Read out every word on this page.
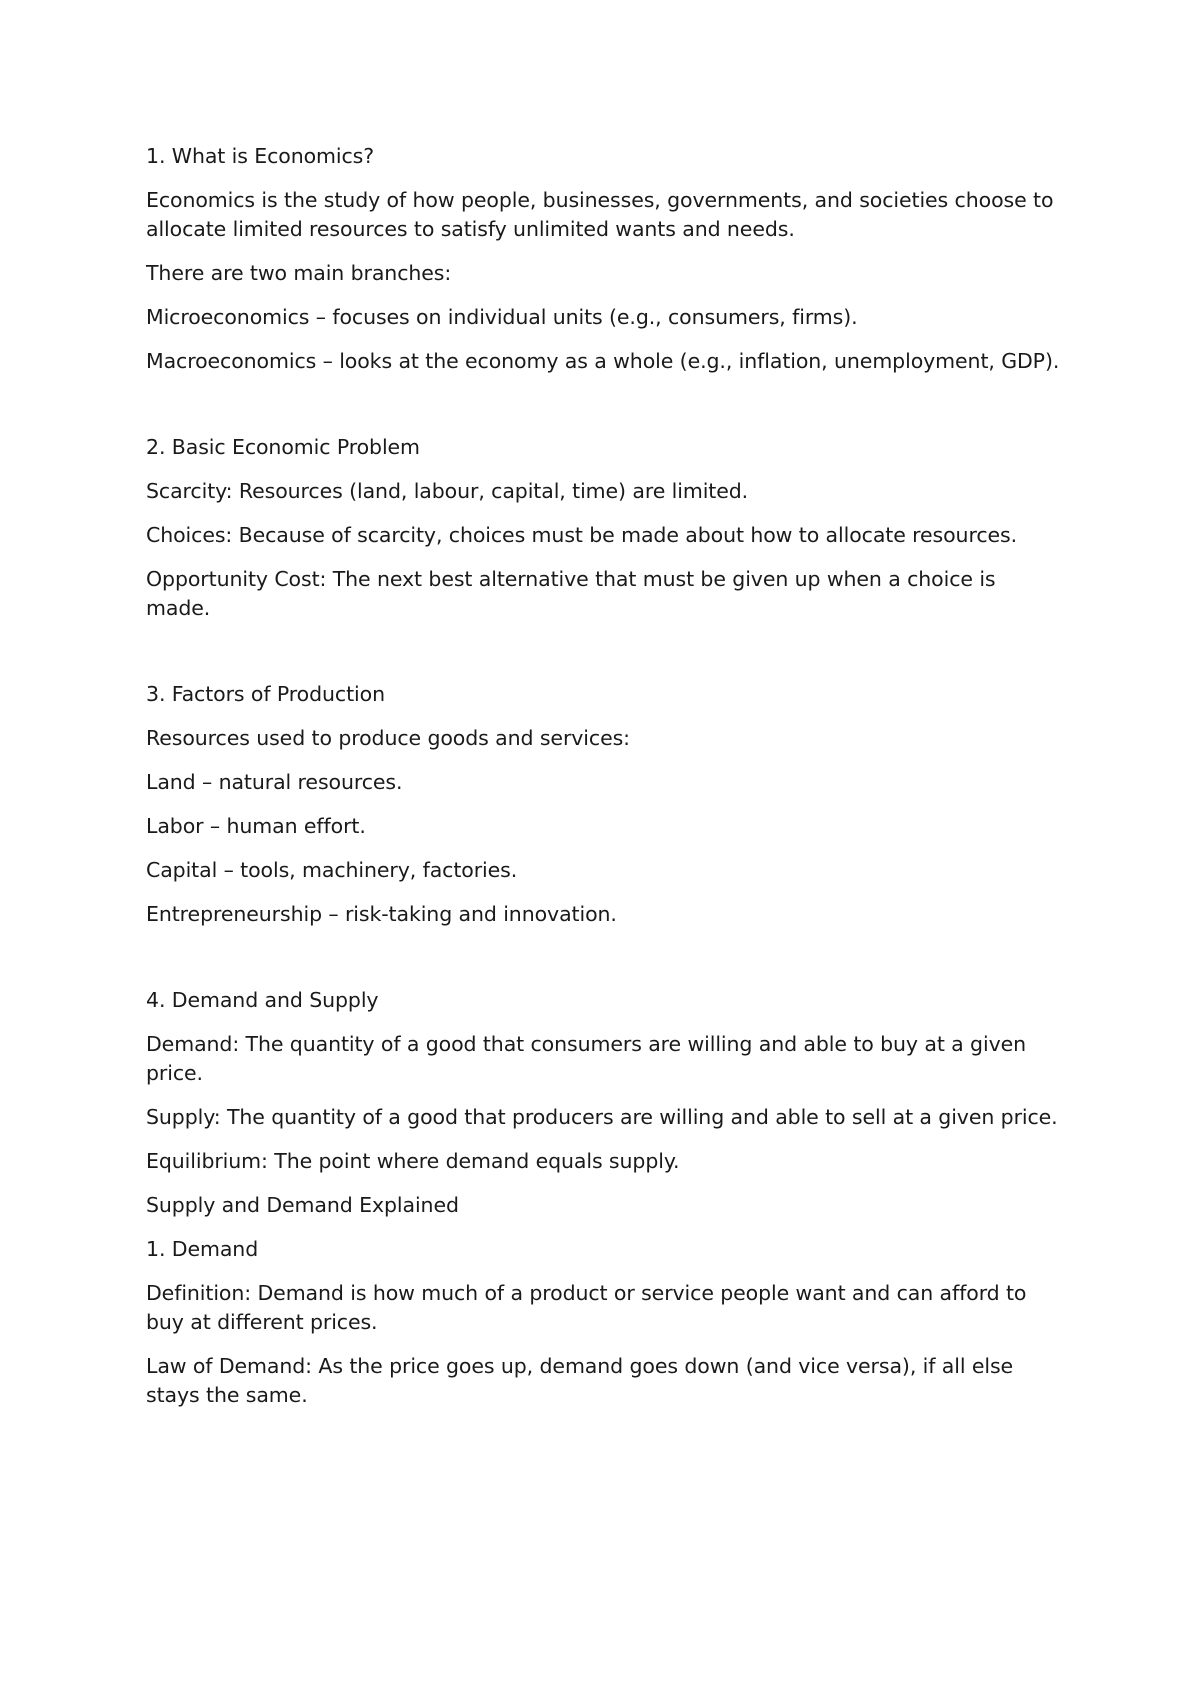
1. What is Economics?

Economics is the study of how people, businesses, governments, and societies choose to allocate limited resources to satisfy unlimited wants and needs.

There are two main branches:

Microeconomics – focuses on individual units (e.g., consumers, firms).

Macroeconomics – looks at the economy as a whole (e.g., inflation, unemployment, GDP).

2. Basic Economic Problem

Scarcity: Resources (land, labour, capital, time) are limited.

Choices: Because of scarcity, choices must be made about how to allocate resources.

Opportunity Cost: The next best alternative that must be given up when a choice is made.

3. Factors of Production

Resources used to produce goods and services:

Land – natural resources.

Labor – human effort.

Capital – tools, machinery, factories.

Entrepreneurship – risk-taking and innovation.

4. Demand and Supply

Demand: The quantity of a good that consumers are willing and able to buy at a given price.

Supply: The quantity of a good that producers are willing and able to sell at a given price.

Equilibrium: The point where demand equals supply.

Supply and Demand Explained

1. Demand

Definition: Demand is how much of a product or service people want and can afford to buy at different prices.

Law of Demand: As the price goes up, demand goes down (and vice versa), if all else stays the same.
